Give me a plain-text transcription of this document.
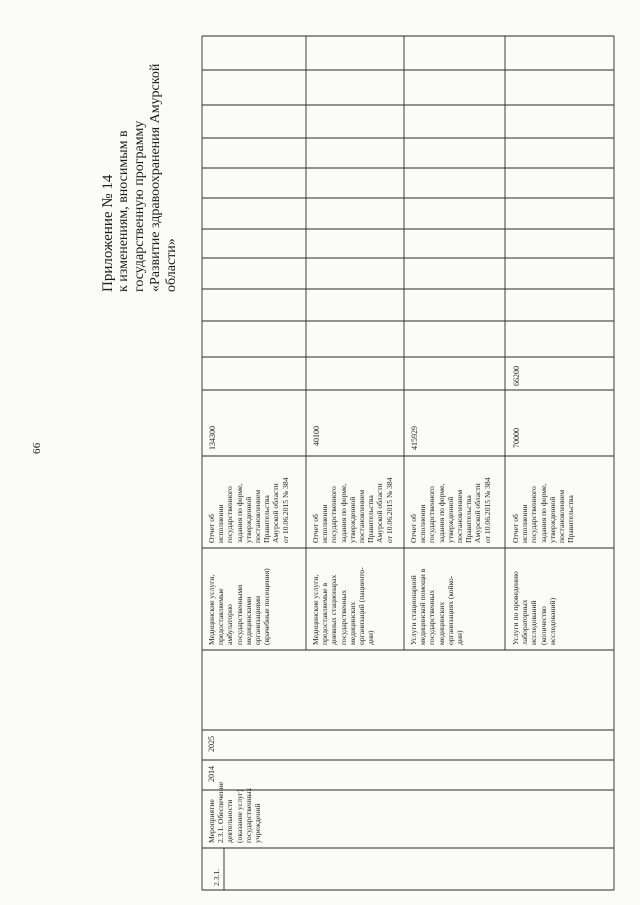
66
Приложение № 14 к изменениям, вносимым в государственную программу «Развитие здравоохранения Амурской области»
2.3.1.
Мероприятие 2.3.1. Обеспечение деятельности (оказание услуг) государственных учреждений
2014
2025
Медицинские услуги, предоставляемые амбулаторно государственными медицинскими организациями (врачебные посещения)
Отчет об исполнении государственного задания по форме, утвержденной постановлением Правительства Амурской области от 10.06.2015 № 384
134300
Медицинские услуги, предоставляемые в дневных стационарах государственных медицинских организаций (пациенто- дни)
Отчет об исполнении государственного задания по форме, утвержденной постановлением Правительства Амурской области от 10.06.2015 № 384
40100
Услуги стационарной медицинской помощи в государственных медицинских организациях (койко- дни)
Отчет об исполнении государственного задания по форме, утвержденной постановлением Правительства Амурской области от 10.06.2015 № 384
415929
Услуги по проведению лабораторных исследований (количество исследований)
Отчет об исполнении государственного задания по форме, утвержденной постановлением Правительства
70000
66200
